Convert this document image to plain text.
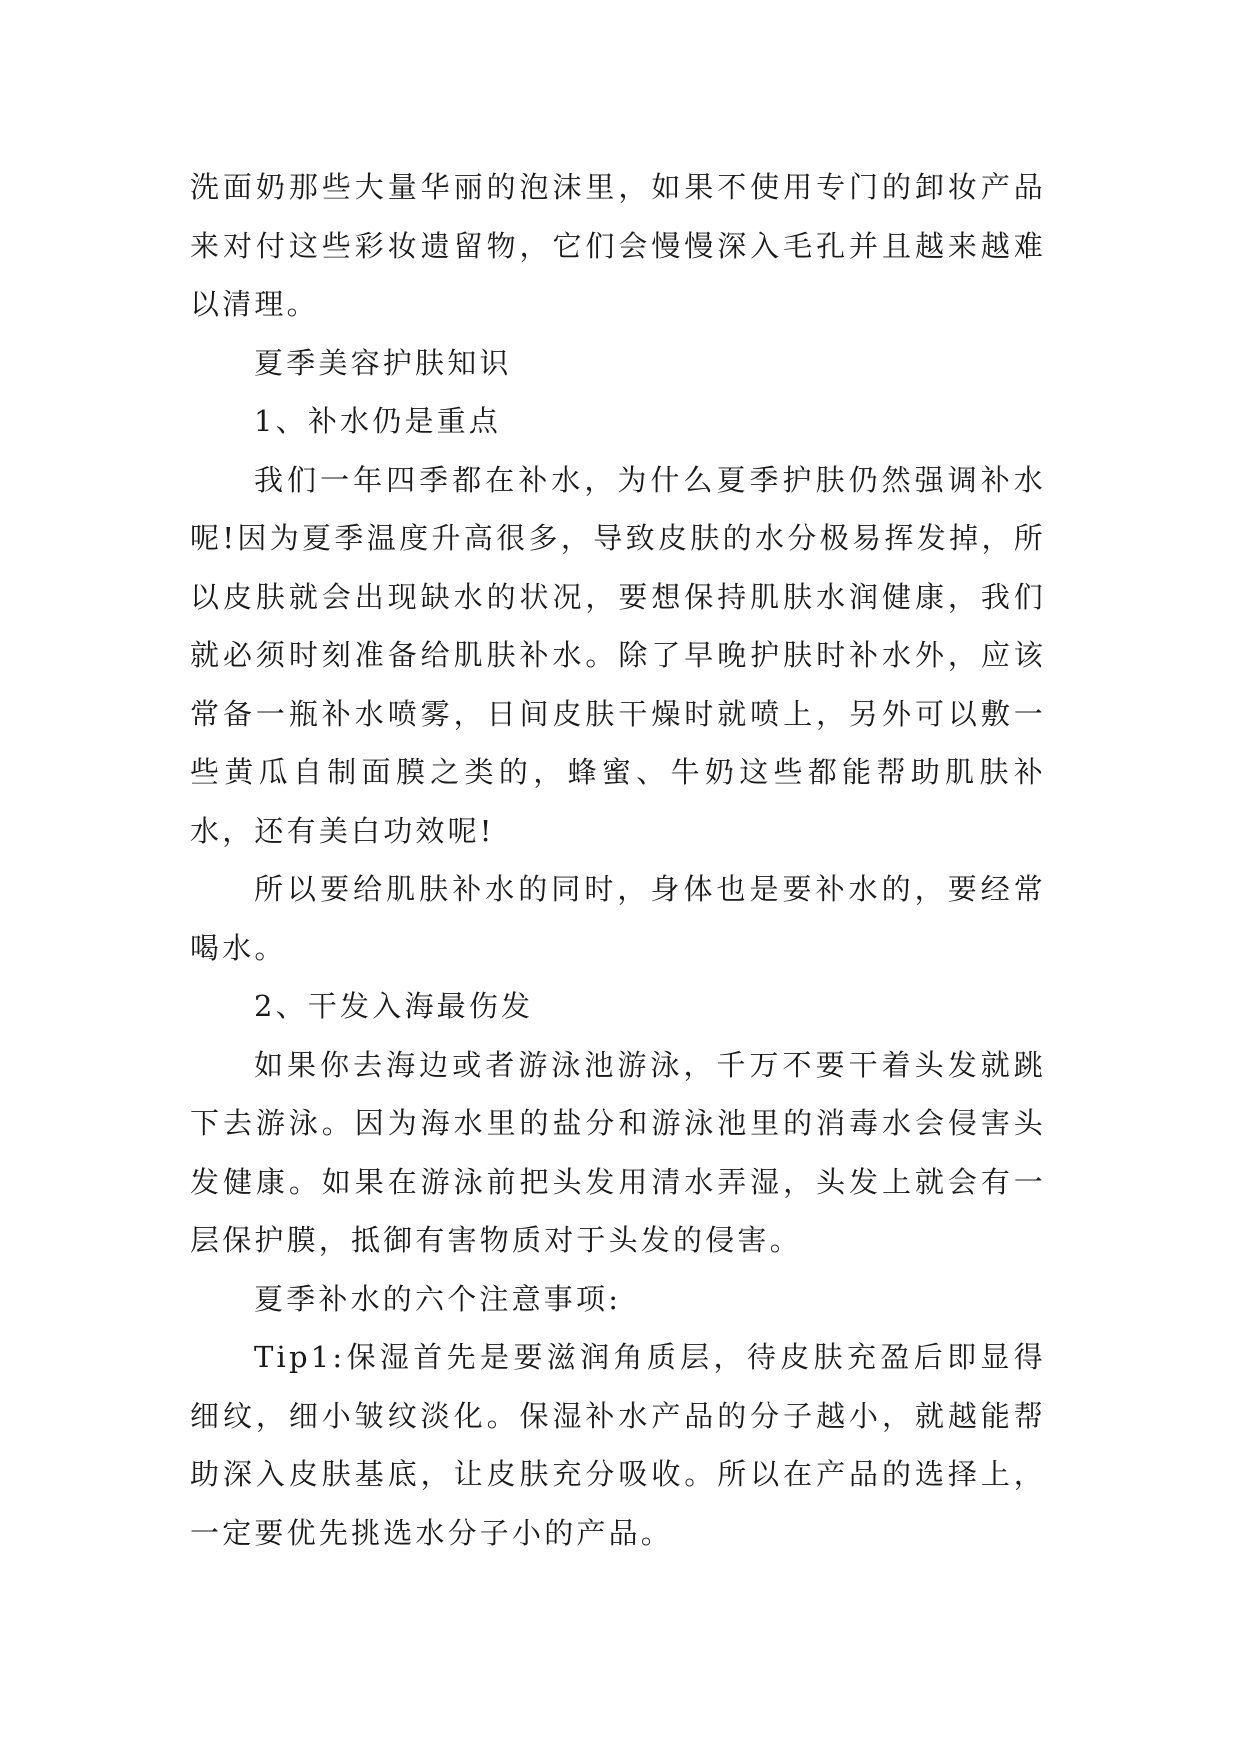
洗面奶那些大量华丽的泡沫里，如果不使用专门的卸妆产品来对付这些彩妆遗留物，它们会慢慢深入毛孔并且越来越难以清理。

夏季美容护肤知识

1、补水仍是重点

我们一年四季都在补水，为什么夏季护肤仍然强调补水呢!因为夏季温度升高很多，导致皮肤的水分极易挥发掉，所以皮肤就会出现缺水的状况，要想保持肌肤水润健康，我们就必须时刻准备给肌肤补水。除了早晚护肤时补水外，应该常备一瓶补水喷雾，日间皮肤干燥时就喷上，另外可以敷一些黄瓜自制面膜之类的，蜂蜜、牛奶这些都能帮助肌肤补水，还有美白功效呢!

所以要给肌肤补水的同时，身体也是要补水的，要经常喝水。

2、干发入海最伤发

如果你去海边或者游泳池游泳，千万不要干着头发就跳下去游泳。因为海水里的盐分和游泳池里的消毒水会侵害头发健康。如果在游泳前把头发用清水弄湿，头发上就会有一层保护膜，抵御有害物质对于头发的侵害。

夏季补水的六个注意事项:

Tip1:保湿首先是要滋润角质层，待皮肤充盈后即显得细纹，细小皱纹淡化。保湿补水产品的分子越小，就越能帮助深入皮肤基底，让皮肤充分吸收。所以在产品的选择上，一定要优先挑选水分子小的产品。
